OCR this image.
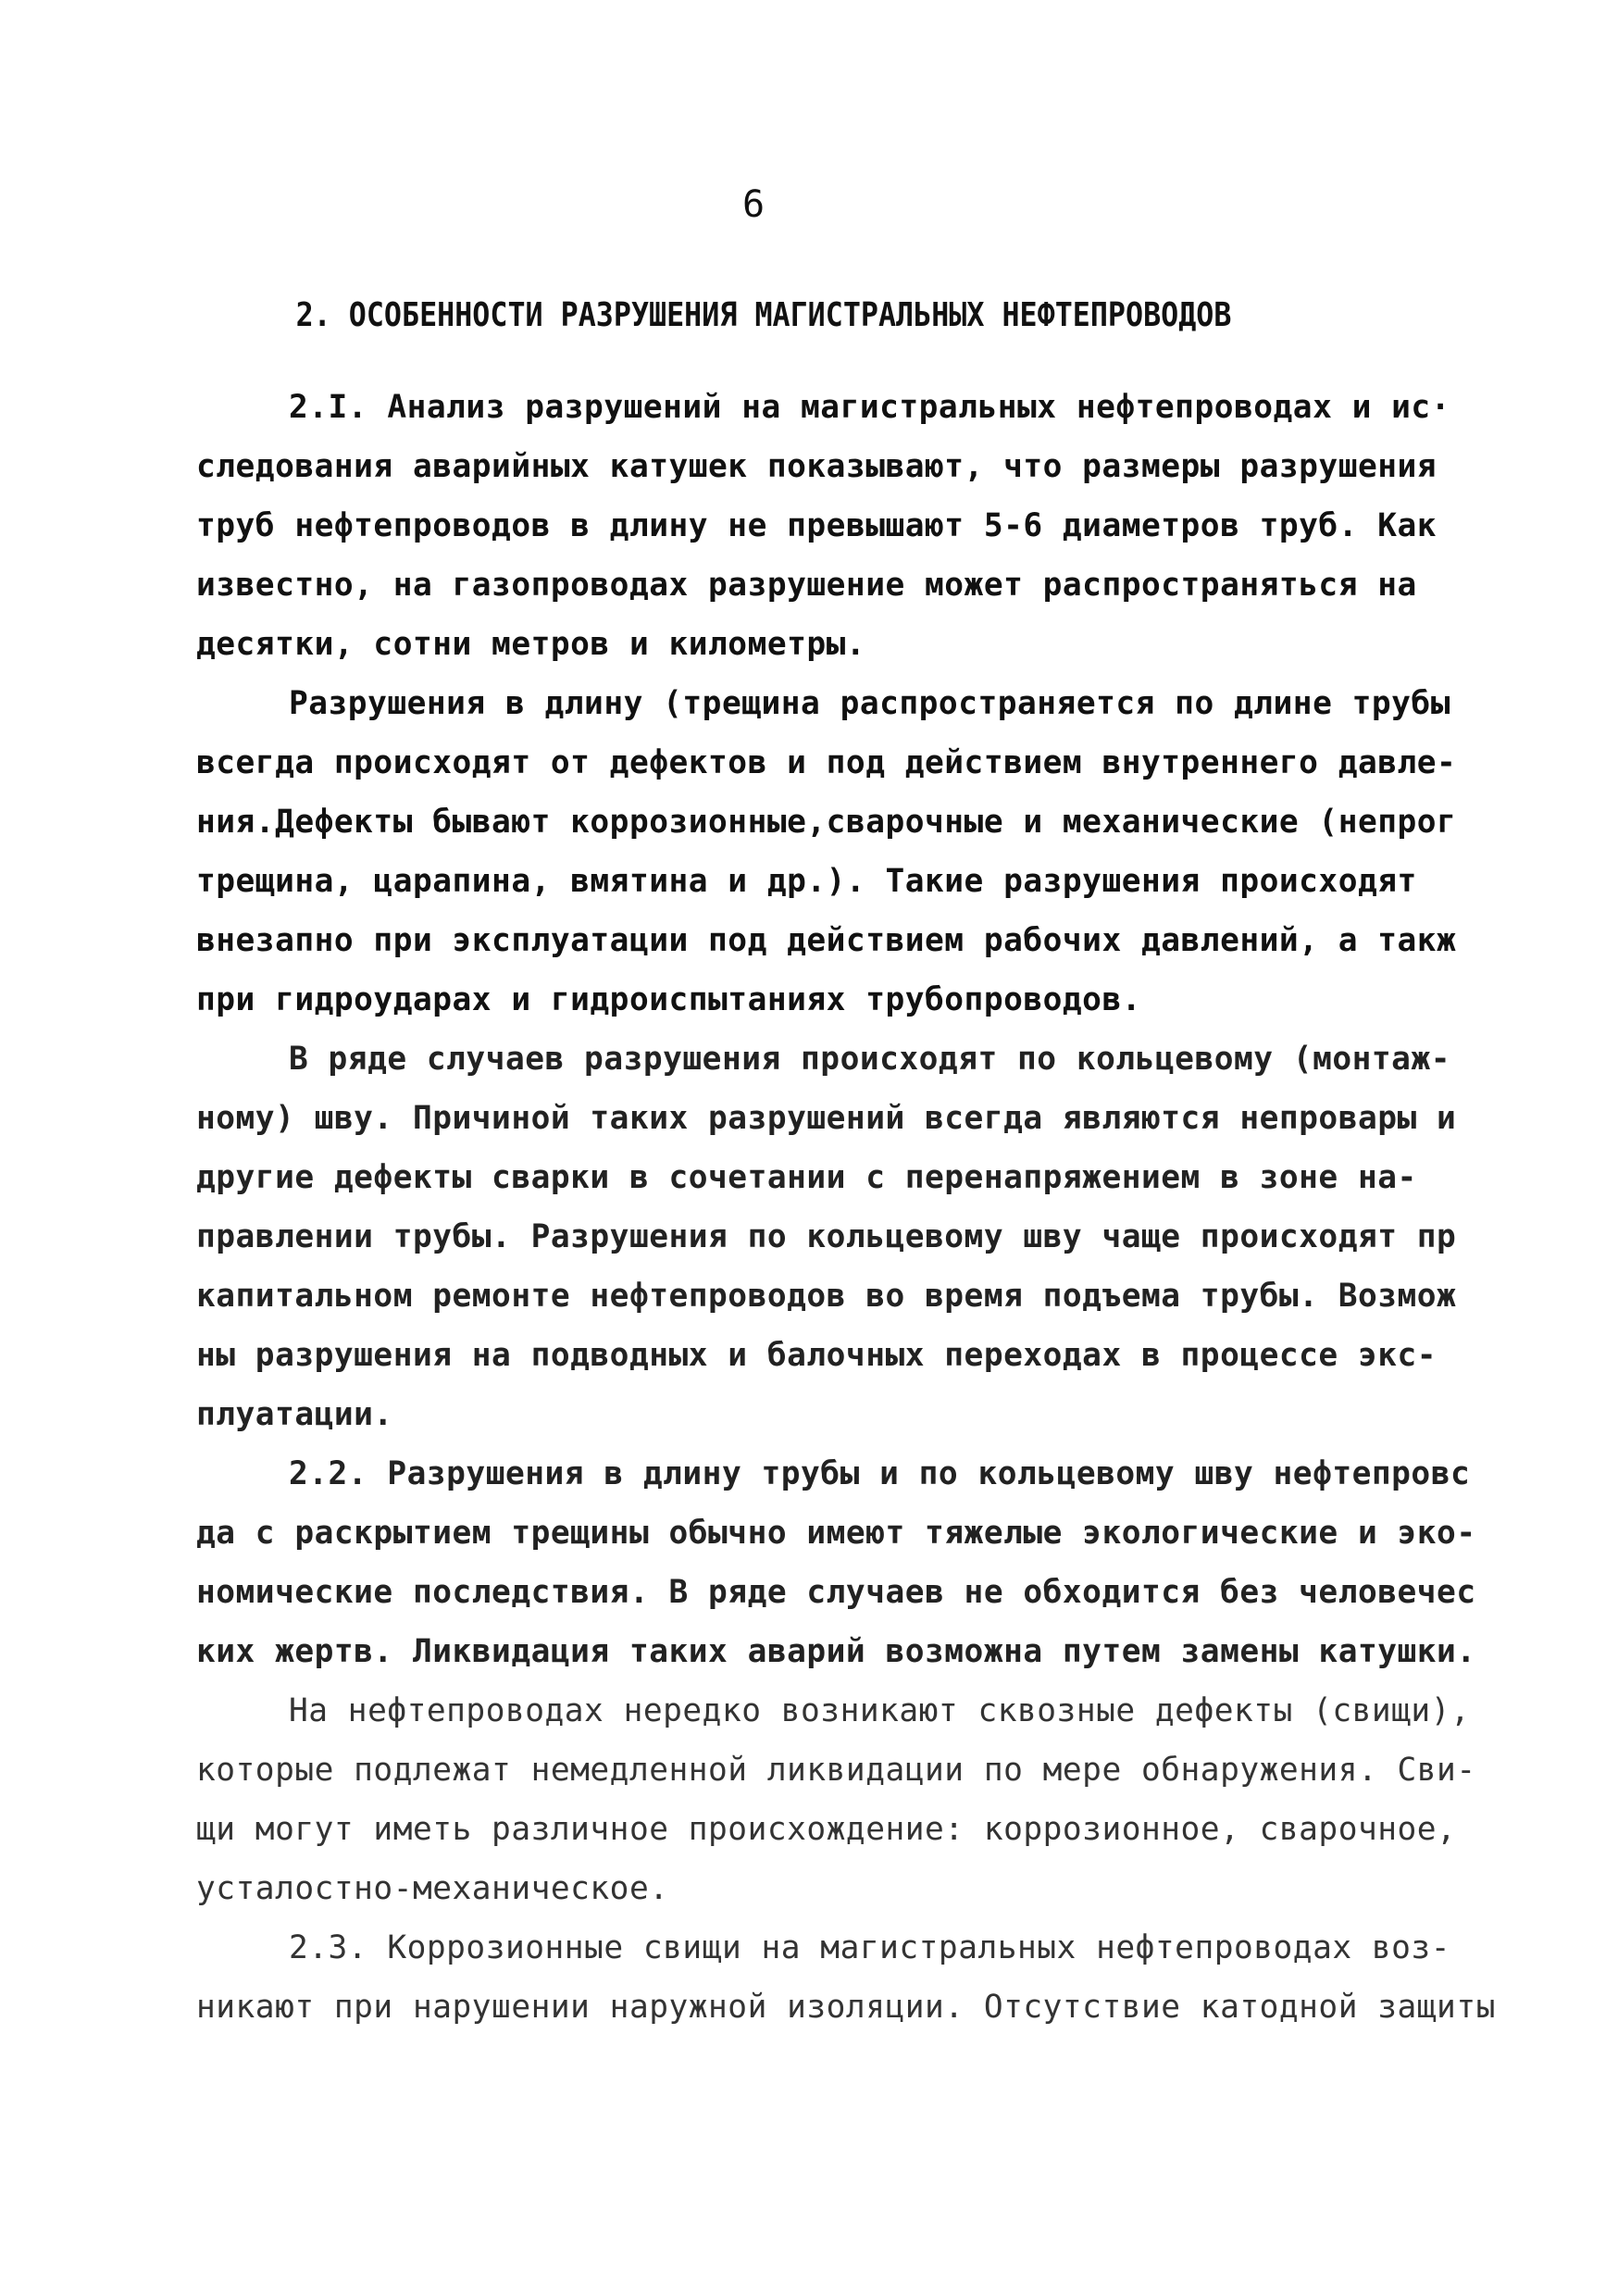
6
2. ОСОБЕННОСТИ РАЗРУШЕНИЯ МАГИСТРАЛЬНЫХ НЕФТЕПРОВОДОВ
2.I. Анализ разрушений на магистральных нефтепроводах и ис·
следования аварийных катушек показывают, что размеры разрушения
труб нефтепроводов в длину не превышают 5-6 диаметров труб. Как
известно, на газопроводах разрушение может распространяться на
десятки, сотни метров и километры.
Разрушения в длину (трещина распространяется по длине трубы
всегда происходят от дефектов и под действием внутреннего давле-
ния.Дефекты бывают коррозионные,сварочные и механические (непрог
трещина, царапина, вмятина и др.). Такие разрушения происходят
внезапно при эксплуатации под действием рабочих давлений, а такж
при гидроударах и гидроиспытаниях трубопроводов.
В ряде случаев разрушения происходят по кольцевому (монтаж-
ному) шву. Причиной таких разрушений всегда являются непровары и
другие дефекты сварки в сочетании с перенапряжением в зоне на-
правлении трубы. Разрушения по кольцевому шву чаще происходят пр
капитальном ремонте нефтепроводов во время подъема трубы. Возмож
ны разрушения на подводных и балочных переходах в процессе экс-
плуатации.
2.2. Разрушения в длину трубы и по кольцевому шву нефтепровс
да с раскрытием трещины обычно имеют тяжелые экологические и эко-
номические последствия. В ряде случаев не обходится без человечес
ких жертв. Ликвидация таких аварий возможна путем замены катушки.
На нефтепроводах нередко возникают сквозные дефекты (свищи),
которые подлежат немедленной ликвидации по мере обнаружения. Сви-
щи могут иметь различное происхождение: коррозионное, сварочное,
усталостно-механическое.
2.3. Коррозионные свищи на магистральных нефтепроводах воз-
никают при нарушении наружной изоляции. Отсутствие катодной защиты
